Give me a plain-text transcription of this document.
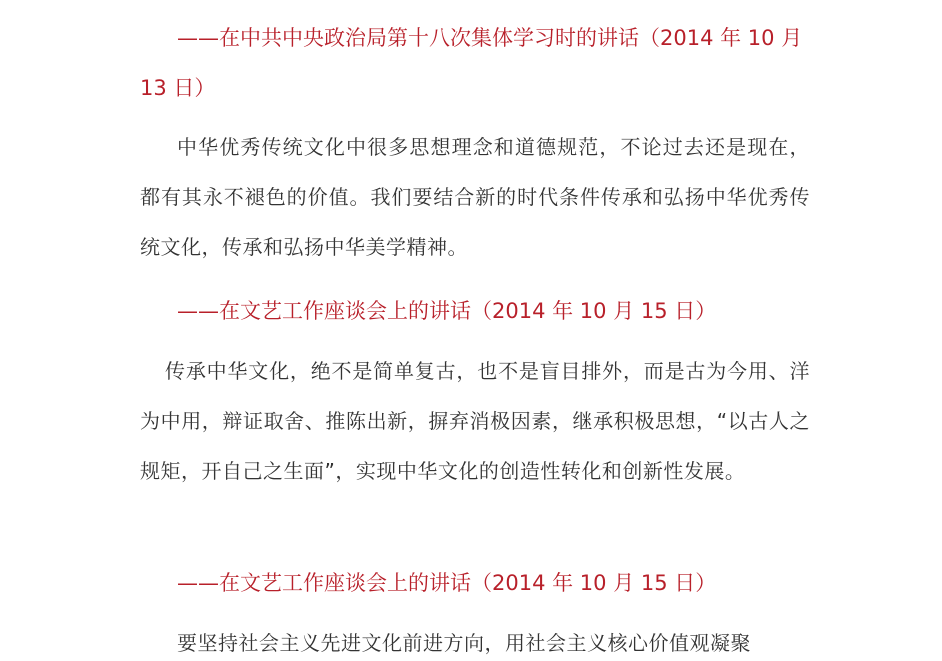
——在中共中央政治局第十八次集体学习时的讲话（2014 年 10 月 13 日）

中华优秀传统文化中很多思想理念和道德规范，不论过去还是现在，都有其永不褪色的价值。我们要结合新的时代条件传承和弘扬中华优秀传统文化，传承和弘扬中华美学精神。

——在文艺工作座谈会上的讲话（2014 年 10 月 15 日）

传承中华文化，绝不是简单复古，也不是盲目排外，而是古为今用、洋为中用，辩证取舍、推陈出新，摒弃消极因素，继承积极思想，“以古人之规矩，开自己之生面”，实现中华文化的创造性转化和创新性发展。

——在文艺工作座谈会上的讲话（2014 年 10 月 15 日）

要坚持社会主义先进文化前进方向，用社会主义核心价值观凝聚
